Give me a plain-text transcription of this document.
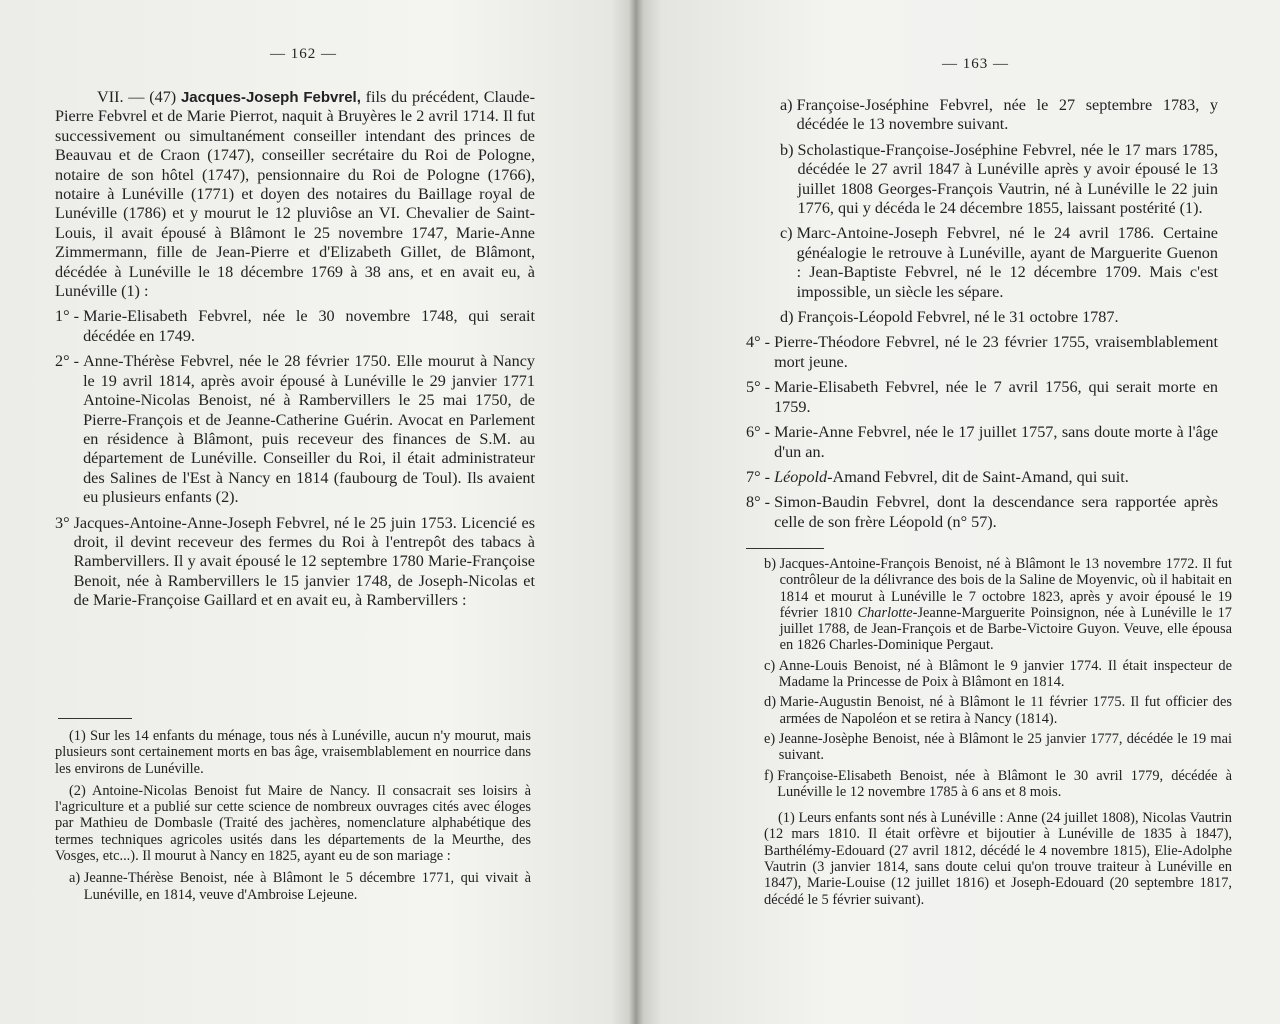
— 162 —

VII. — (47) Jacques-Joseph Febvrel, fils du précédent, Claude-Pierre Febvrel et de Marie Pierrot, naquit à Bruyères le 2 avril 1714. Il fut successivement ou simultanément conseiller intendant des princes de Beauvau et de Craon (1747), conseiller secrétaire du Roi de Pologne, notaire de son hôtel (1747), pensionnaire du Roi de Pologne (1766), notaire à Lunéville (1771) et doyen des notaires du Baillage royal de Lunéville (1786) et y mourut le 12 pluviôse an VI. Chevalier de Saint-Louis, il avait épousé à Blâmont le 25 novembre 1747, Marie-Anne Zimmermann, fille de Jean-Pierre et d'Elizabeth Gillet, de Blâmont, décédée à Lunéville le 18 décembre 1769 à 38 ans, et en avait eu, à Lunéville (1) :

1° - Marie-Elisabeth Febvrel, née le 30 novembre 1748, qui serait décédée en 1749.
2° - Anne-Thérèse Febvrel, née le 28 février 1750. Elle mourut à Nancy le 19 avril 1814, après avoir épousé à Lunéville le 29 janvier 1771 Antoine-Nicolas Benoist, né à Rambervillers le 25 mai 1750, de Pierre-François et de Jeanne-Catherine Guérin. Avocat en Parlement en résidence à Blâmont, puis receveur des finances de S.M. au département de Lunéville. Conseiller du Roi, il était administrateur des Salines de l'Est à Nancy en 1814 (faubourg de Toul). Ils avaient eu plusieurs enfants (2).
3° Jacques-Antoine-Anne-Joseph Febvrel, né le 25 juin 1753. Licencié es droit, il devint receveur des fermes du Roi à l'entrepôt des tabacs à Rambervillers. Il y avait épousé le 12 septembre 1780 Marie-Françoise Benoit, née à Rambervillers le 15 janvier 1748, de Joseph-Nicolas et de Marie-Françoise Gaillard et en avait eu, à Rambervillers :

(1) Sur les 14 enfants du ménage, tous nés à Lunéville, aucun n'y mourut, mais plusieurs sont certainement morts en bas âge, vraisemblablement en nourrice dans les environs de Lunéville.

(2) Antoine-Nicolas Benoist fut Maire de Nancy. Il consacrait ses loisirs à l'agriculture et a publié sur cette science de nombreux ouvrages cités avec éloges par Mathieu de Dombasle (Traité des jachères, nomenclature alphabétique des termes techniques agricoles usités dans les départements de la Meurthe, des Vosges, etc...). Il mourut à Nancy en 1825, ayant eu de son mariage :

a) Jeanne-Thérèse Benoist, née à Blâmont le 5 décembre 1771, qui vivait à Lunéville, en 1814, veuve d'Ambroise Lejeune.
— 163 —
a) Françoise-Joséphine Febvrel, née le 27 septembre 1783, y décédée le 13 novembre suivant.
b) Scholastique-Françoise-Joséphine Febvrel, née le 17 mars 1785, décédée le 27 avril 1847 à Lunéville après y avoir épousé le 13 juillet 1808 Georges-François Vautrin, né à Lunéville le 22 juin 1776, qui y décéda le 24 décembre 1855, laissant postérité (1).
c) Marc-Antoine-Joseph Febvrel, né le 24 avril 1786. Certaine généalogie le retrouve à Lunéville, ayant de Marguerite Guenon : Jean-Baptiste Febvrel, né le 12 décembre 1709. Mais c'est impossible, un siècle les sépare.
d) François-Léopold Febvrel, né le 31 octobre 1787.
4° - Pierre-Théodore Febvrel, né le 23 février 1755, vraisemblablement mort jeune.
5° - Marie-Elisabeth Febvrel, née le 7 avril 1756, qui serait morte en 1759.
6° - Marie-Anne Febvrel, née le 17 juillet 1757, sans doute morte à l'âge d'un an.
7° - Léopold-Amand Febvrel, dit de Saint-Amand, qui suit.
8° - Simon-Baudin Febvrel, dont la descendance sera rapportée après celle de son frère Léopold (n° 57).
b) Jacques-Antoine-François Benoist, né à Blâmont le 13 novembre 1772. Il fut contrôleur de la délivrance des bois de la Saline de Moyenvic, où il habitait en 1814 et mourut à Lunéville le 7 octobre 1823, après y avoir épousé le 19 février 1810 Charlotte-Jeanne-Marguerite Poinsignon, née à Lunéville le 17 juillet 1788, de Jean-François et de Barbe-Victoire Guyon. Veuve, elle épousa en 1826 Charles-Dominique Pergaut.
c) Anne-Louis Benoist, né à Blâmont le 9 janvier 1774. Il était inspecteur de Madame la Princesse de Poix à Blâmont en 1814.
d) Marie-Augustin Benoist, né à Blâmont le 11 février 1775. Il fut officier des armées de Napoléon et se retira à Nancy (1814).
e) Jeanne-Josèphe Benoist, née à Blâmont le 25 janvier 1777, décédée le 19 mai suivant.
f) Françoise-Elisabeth Benoist, née à Blâmont le 30 avril 1779, décédée à Lunéville le 12 novembre 1785 à 6 ans et 8 mois.

(1) Leurs enfants sont nés à Lunéville : Anne (24 juillet 1808), Nicolas Vautrin (12 mars 1810. Il était orfèvre et bijoutier à Lunéville de 1835 à 1847), Barthélémy-Edouard (27 avril 1812, décédé le 4 novembre 1815), Elie-Adolphe Vautrin (3 janvier 1814, sans doute celui qu'on trouve traiteur à Lunéville en 1847), Marie-Louise (12 juillet 1816) et Joseph-Edouard (20 septembre 1817, décédé le 5 février suivant).
